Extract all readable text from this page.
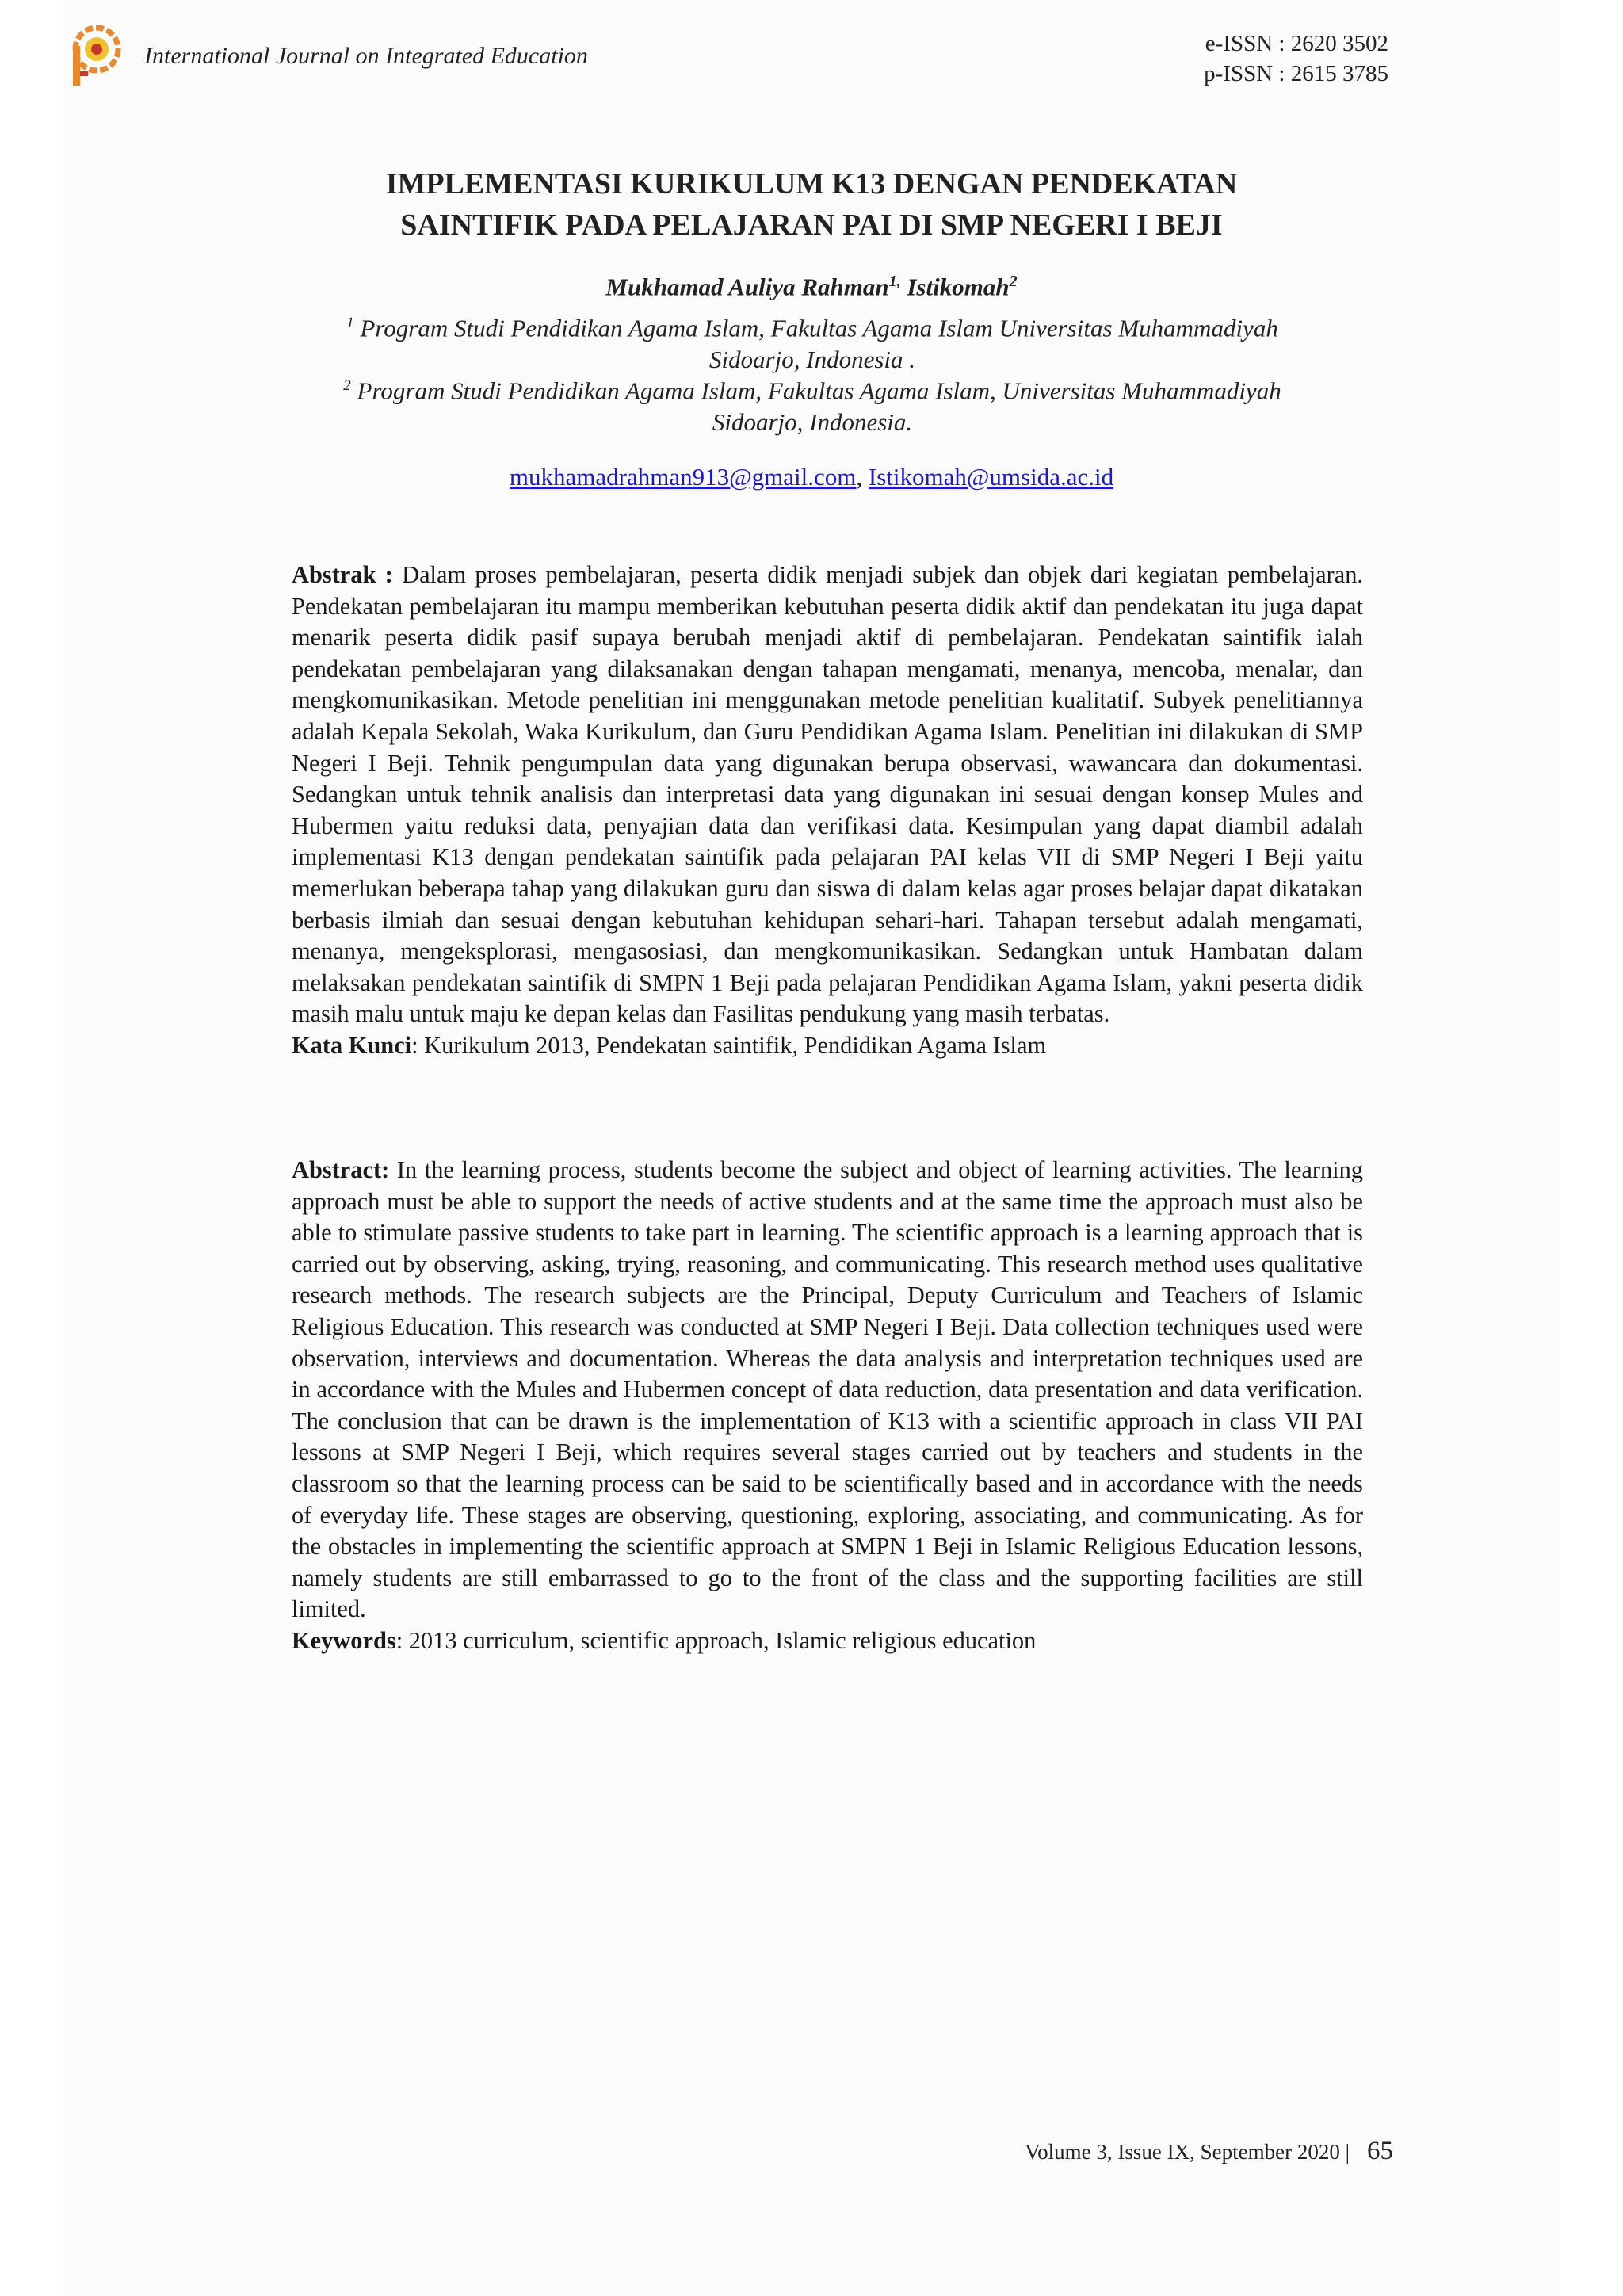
International Journal on Integrated Education	e-ISSN : 2620 3502
p-ISSN : 2615 3785
IMPLEMENTASI KURIKULUM K13 DENGAN PENDEKATAN
SAINTIFIK PADA PELAJARAN PAI DI SMP NEGERI I BEJI
Mukhamad Auliya Rahman$^{1,}$ Istikomah$^2$
$^1$ Program Studi Pendidikan Agama Islam, Fakultas Agama Islam Universitas Muhammadiyah
Sidoarjo, Indonesia .
$^2$ Program Studi Pendidikan Agama Islam, Fakultas Agama Islam, Universitas Muhammadiyah
Sidoarjo, Indonesia.
mukhamadrahman913@gmail.com, Istikomah@umsida.ac.id
Abstrak : Dalam proses pembelajaran, peserta didik menjadi subjek dan objek dari kegiatan pembelajaran. Pendekatan pembelajaran itu mampu memberikan kebutuhan peserta didik aktif dan pendekatan itu juga dapat menarik peserta didik pasif supaya berubah menjadi aktif di pembelajaran. Pendekatan saintifik ialah pendekatan pembelajaran yang dilaksanakan dengan tahapan mengamati, menanya, mencoba, menalar, dan mengkomunikasikan. Metode penelitian ini menggunakan metode penelitian kualitatif. Subyek penelitiannya adalah Kepala Sekolah, Waka Kurikulum, dan Guru Pendidikan Agama Islam. Penelitian ini dilakukan di SMP Negeri I Beji. Tehnik pengumpulan data yang digunakan berupa observasi, wawancara dan dokumentasi. Sedangkan untuk tehnik analisis dan interpretasi data yang digunakan ini sesuai dengan konsep Mules and Hubermen yaitu reduksi data, penyajian data dan verifikasi data. Kesimpulan yang dapat diambil adalah implementasi K13 dengan pendekatan saintifik pada pelajaran PAI kelas VII di SMP Negeri I Beji yaitu memerlukan beberapa tahap yang dilakukan guru dan siswa di dalam kelas agar proses belajar dapat dikatakan berbasis ilmiah dan sesuai dengan kebutuhan kehidupan sehari-hari. Tahapan tersebut adalah mengamati, menanya, mengeksplorasi, mengasosiasi, dan mengkomunikasikan. Sedangkan untuk Hambatan dalam melaksakan pendekatan saintifik di SMPN 1 Beji pada pelajaran Pendidikan Agama Islam, yakni peserta didik masih malu untuk maju ke depan kelas dan Fasilitas pendukung yang masih terbatas.
Kata Kunci: Kurikulum 2013, Pendekatan saintifik, Pendidikan Agama Islam
Abstract: In the learning process, students become the subject and object of learning activities. The learning approach must be able to support the needs of active students and at the same time the approach must also be able to stimulate passive students to take part in learning. The scientific approach is a learning approach that is carried out by observing, asking, trying, reasoning, and communicating. This research method uses qualitative research methods. The research subjects are the Principal, Deputy Curriculum and Teachers of Islamic Religious Education. This research was conducted at SMP Negeri I Beji. Data collection techniques used were observation, interviews and documentation. Whereas the data analysis and interpretation techniques used are in accordance with the Mules and Hubermen concept of data reduction, data presentation and data verification. The conclusion that can be drawn is the implementation of K13 with a scientific approach in class VII PAI lessons at SMP Negeri I Beji, which requires several stages carried out by teachers and students in the classroom so that the learning process can be said to be scientifically based and in accordance with the needs of everyday life. These stages are observing, questioning, exploring, associating, and communicating. As for the obstacles in implementing the scientific approach at SMPN 1 Beji in Islamic Religious Education lessons, namely students are still embarrassed to go to the front of the class and the supporting facilities are still limited.
Keywords: 2013 curriculum, scientific approach, Islamic religious education
Volume 3, Issue IX, September 2020 | 65
